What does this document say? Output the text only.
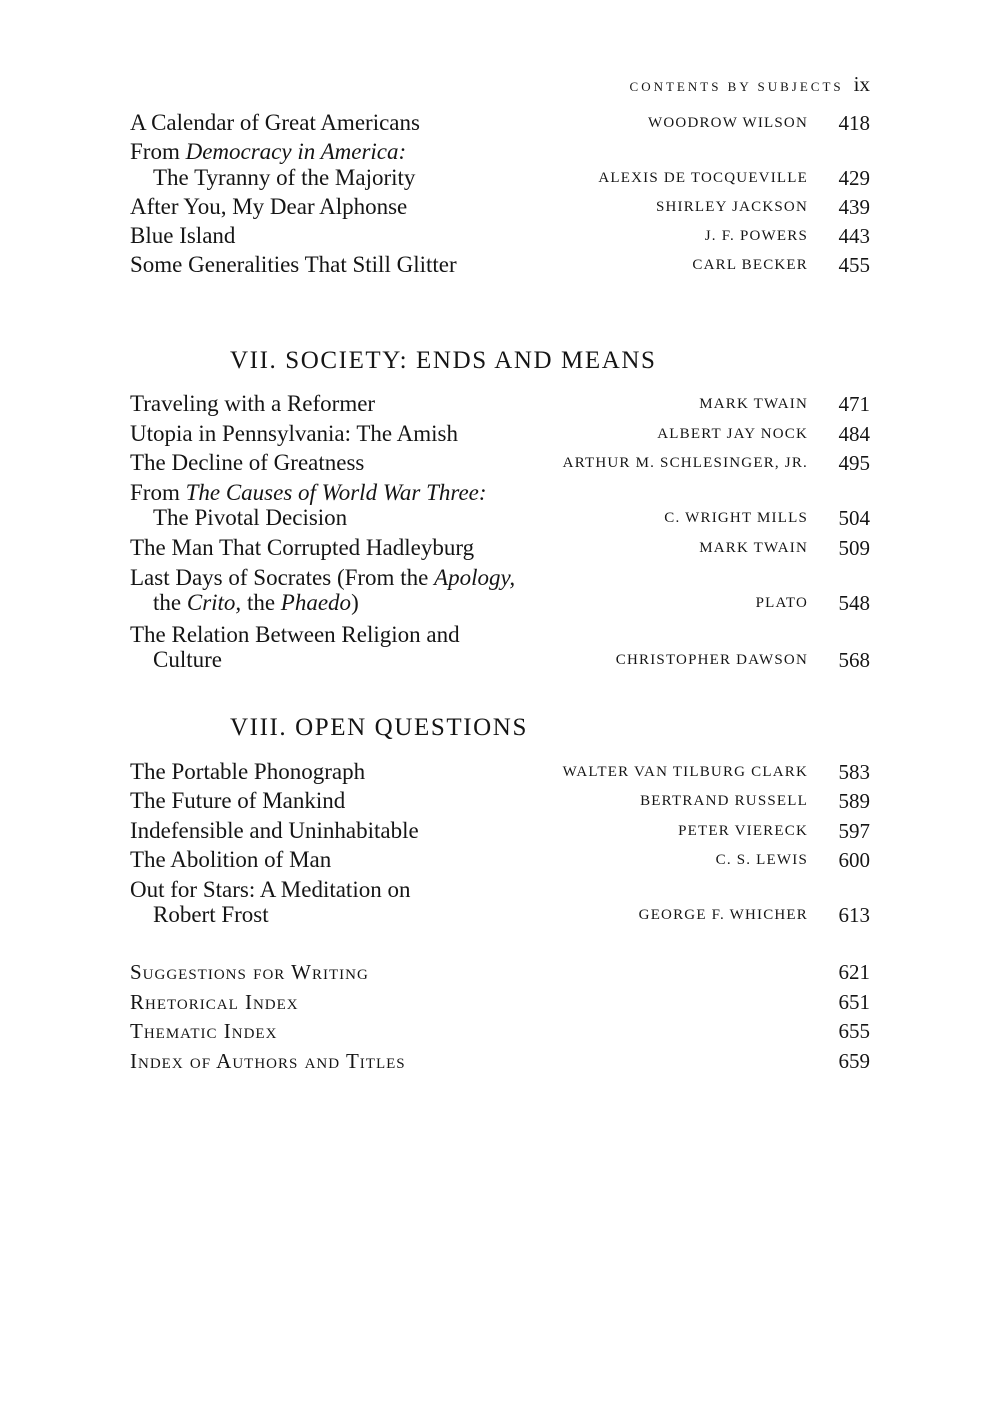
CONTENTS BY SUBJECTS ix
A Calendar of Great Americans	WOODROW WILSON	418
From Democracy in America:
The Tyranny of the Majority	ALEXIS DE TOCQUEVILLE	429
After You, My Dear Alphonse	SHIRLEY JACKSON	439
Blue Island	J. F. POWERS	443
Some Generalities That Still Glitter	CARL BECKER	455
VII. SOCIETY: ENDS AND MEANS
Traveling with a Reformer	MARK TWAIN	471
Utopia in Pennsylvania: The Amish	ALBERT JAY NOCK	484
The Decline of Greatness	ARTHUR M. SCHLESINGER, JR.	495
From The Causes of World War Three:
The Pivotal Decision	C. WRIGHT MILLS	504
The Man That Corrupted Hadleyburg	MARK TWAIN	509
Last Days of Socrates (From the Apology,
the Crito, the Phaedo)	PLATO	548
The Relation Between Religion and
Culture	CHRISTOPHER DAWSON	568
VIII. OPEN QUESTIONS
The Portable Phonograph	WALTER VAN TILBURG CLARK	583
The Future of Mankind	BERTRAND RUSSELL	589
Indefensible and Uninhabitable	PETER VIERECK	597
The Abolition of Man	C. S. LEWIS	600
Out for Stars: A Meditation on
Robert Frost	GEORGE F. WHICHER	613
Suggestions for Writing	621
Rhetorical Index	651
Thematic Index	655
Index of Authors and Titles	659
